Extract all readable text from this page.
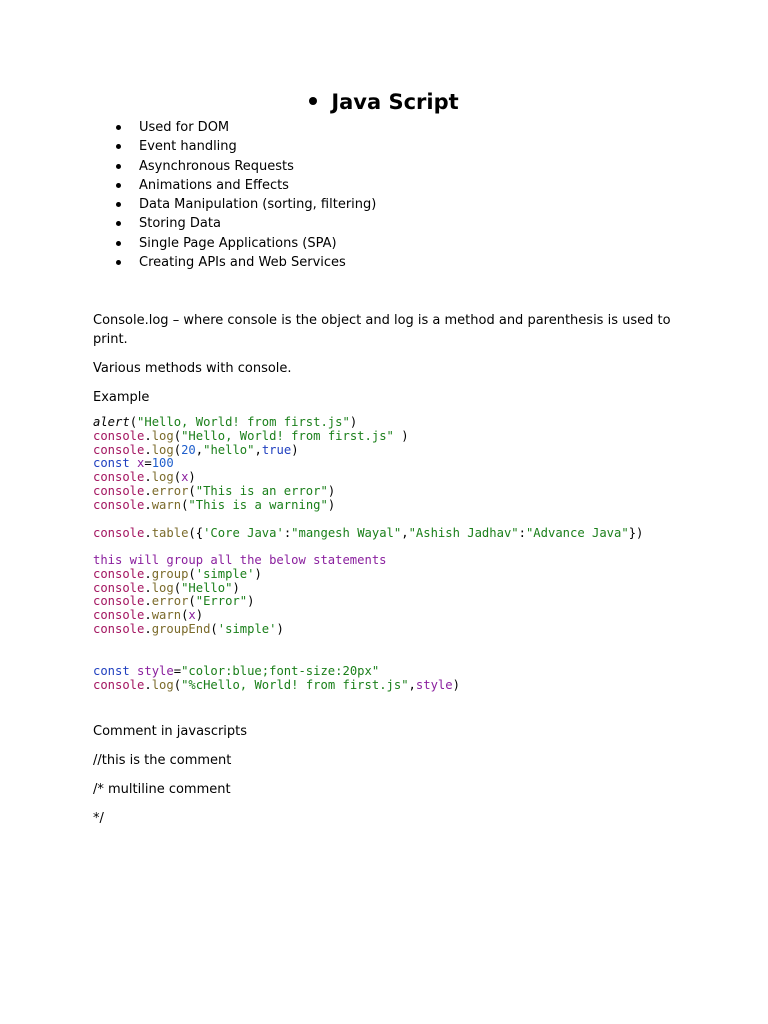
Java Script
Used for DOM
Event handling
Asynchronous Requests
Animations and Effects
Data Manipulation (sorting, filtering)
Storing Data
Single Page Applications (SPA)
Creating APIs and Web Services

Console.log – where console is the object and log is a method and parenthesis is used to print.

Various methods with console.

Example

alert("Hello, World! from first.js")
console.log("Hello, World! from first.js" )
console.log(20,"hello",true)
const x=100
console.log(x)
console.error("This is an error")
console.warn("This is a warning")
console.table({'Core Java':"mangesh Wayal","Ashish Jadhav":"Advance Java"})
this will group all the below statements
console.group('simple')
console.log("Hello")
console.error("Error")
console.warn(x)
console.groupEnd('simple')
const style="color:blue;font-size:20px"
console.log("%cHello, World! from first.js",style)

Comment in javascripts

//this is the comment

/* multiline comment

*/
